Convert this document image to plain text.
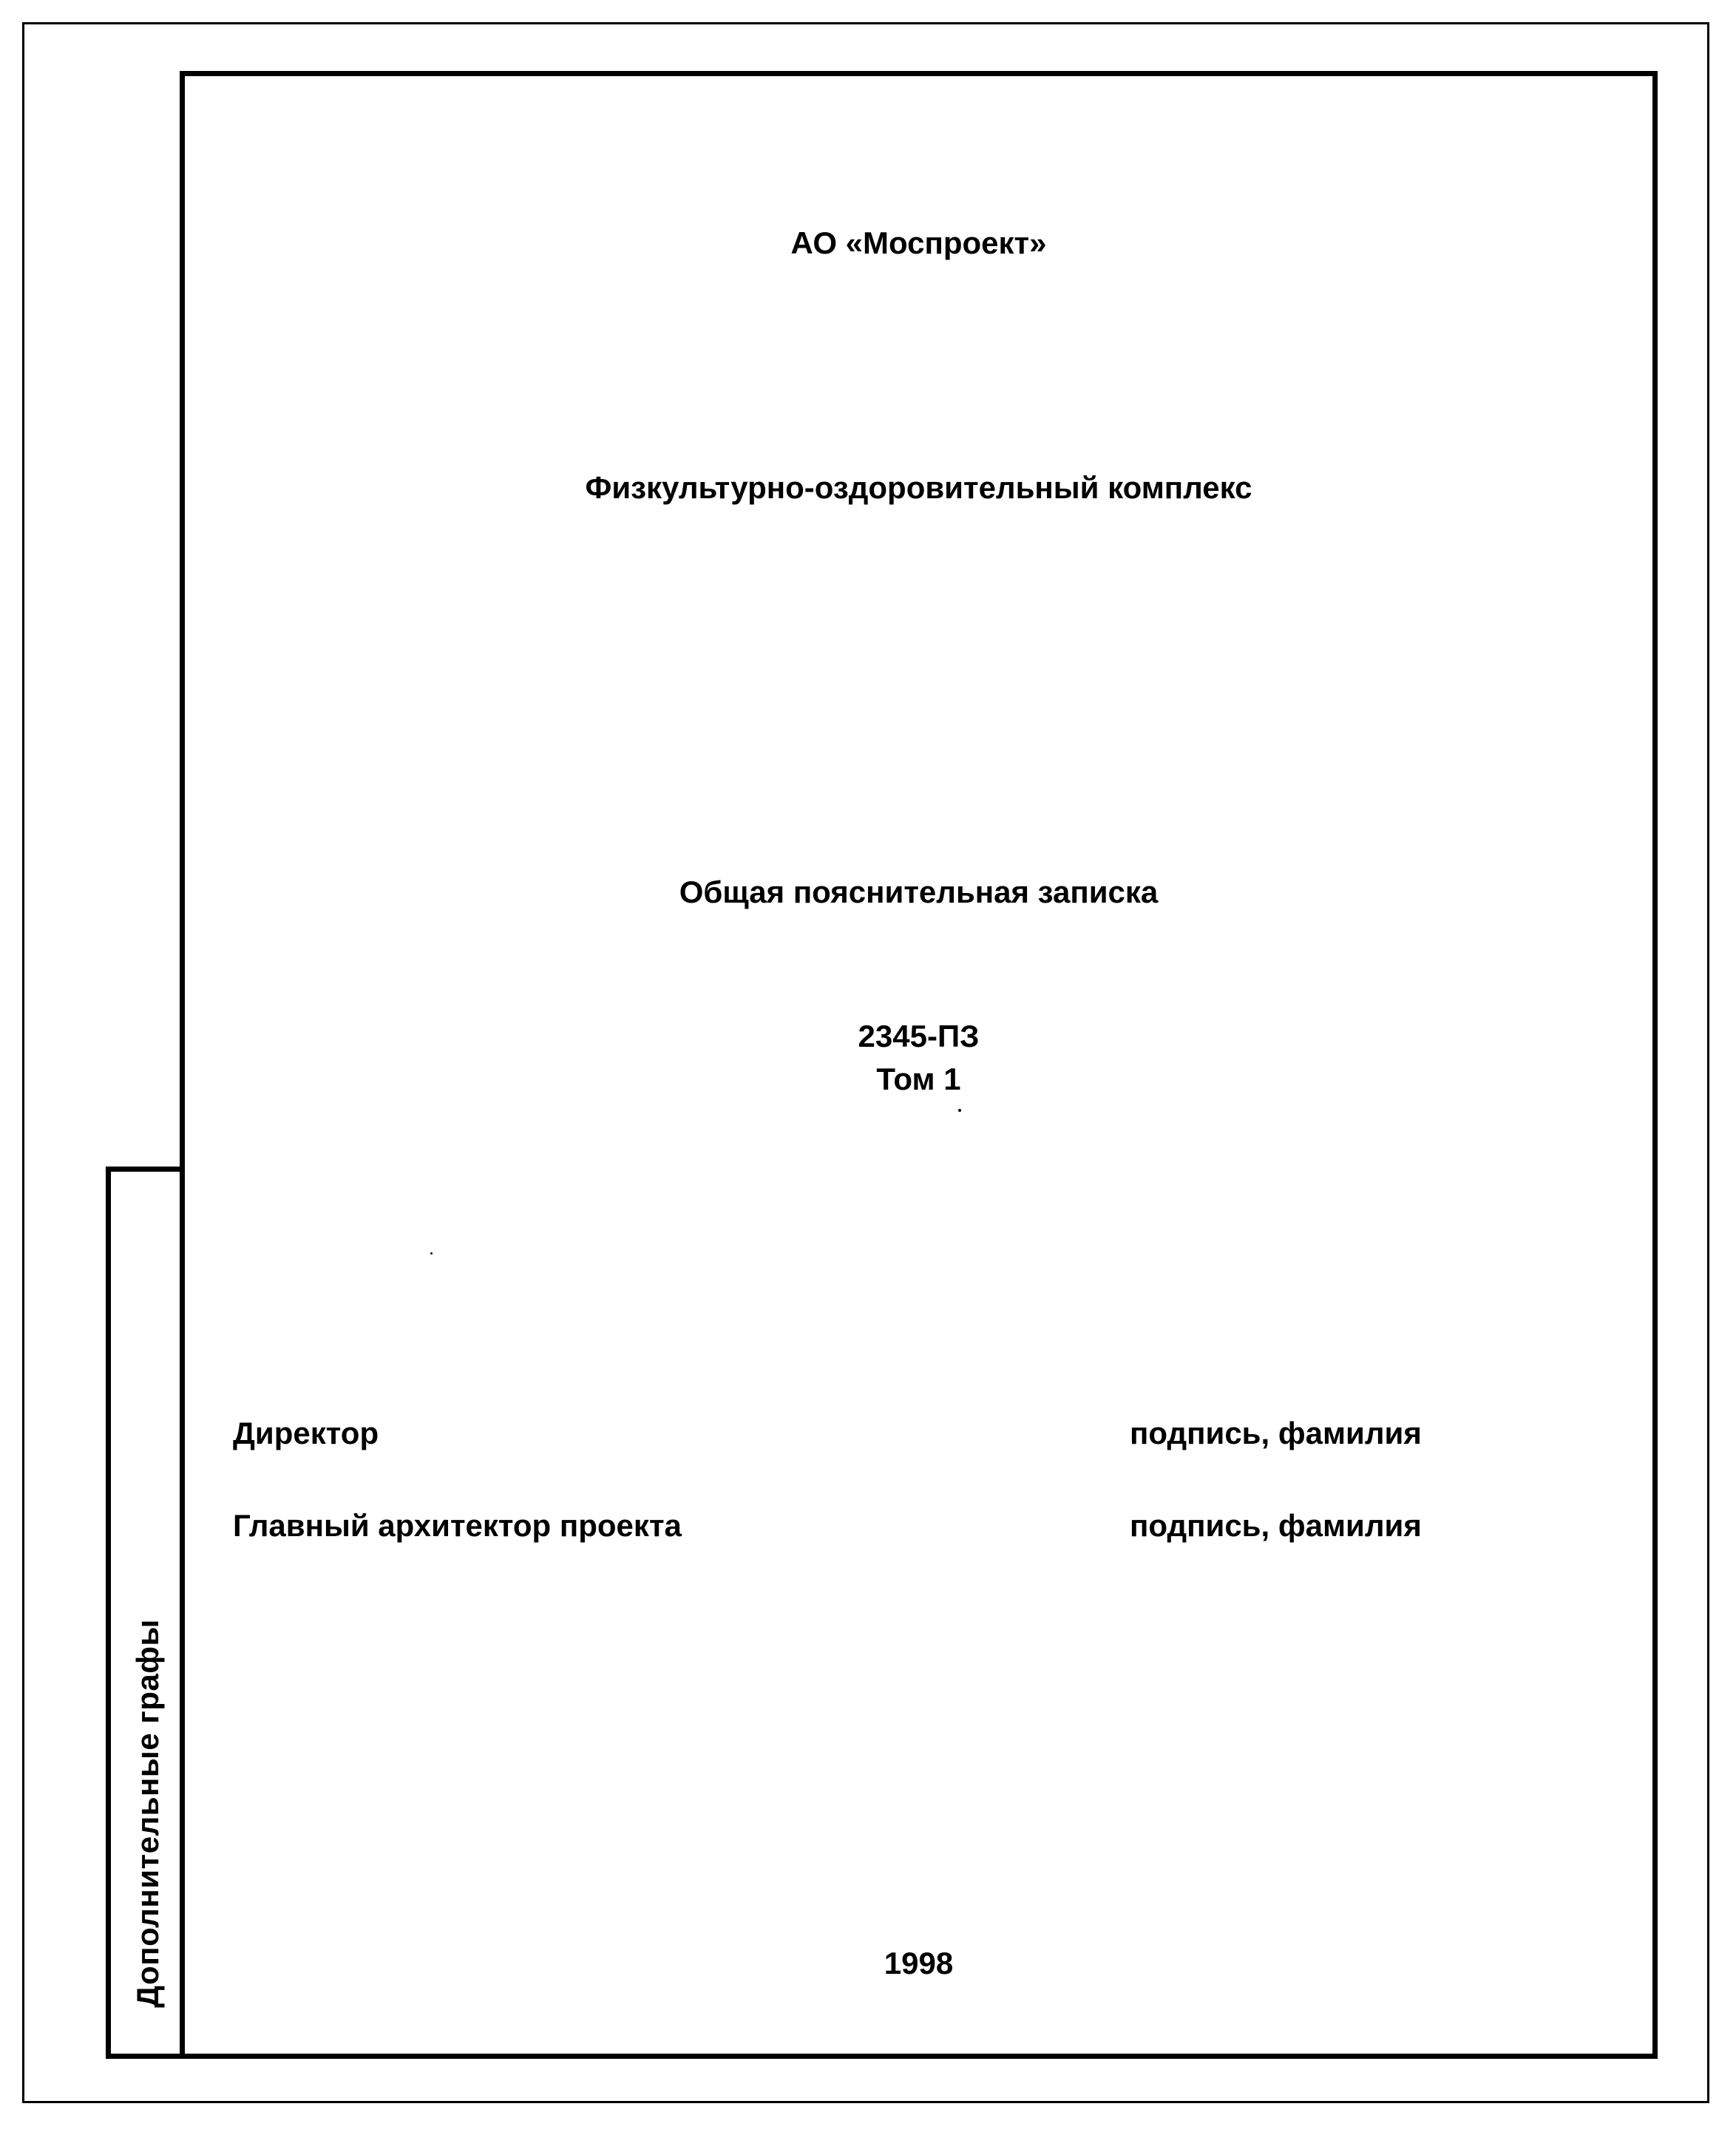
Дополнительные графы
АО «Моспроект»
Физкультурно-оздоровительный комплекс
Общая пояснительная записка
2345-ПЗ
Том 1
Директор	подпись, фамилия
Главный архитектор проекта	подпись, фамилия
1998
